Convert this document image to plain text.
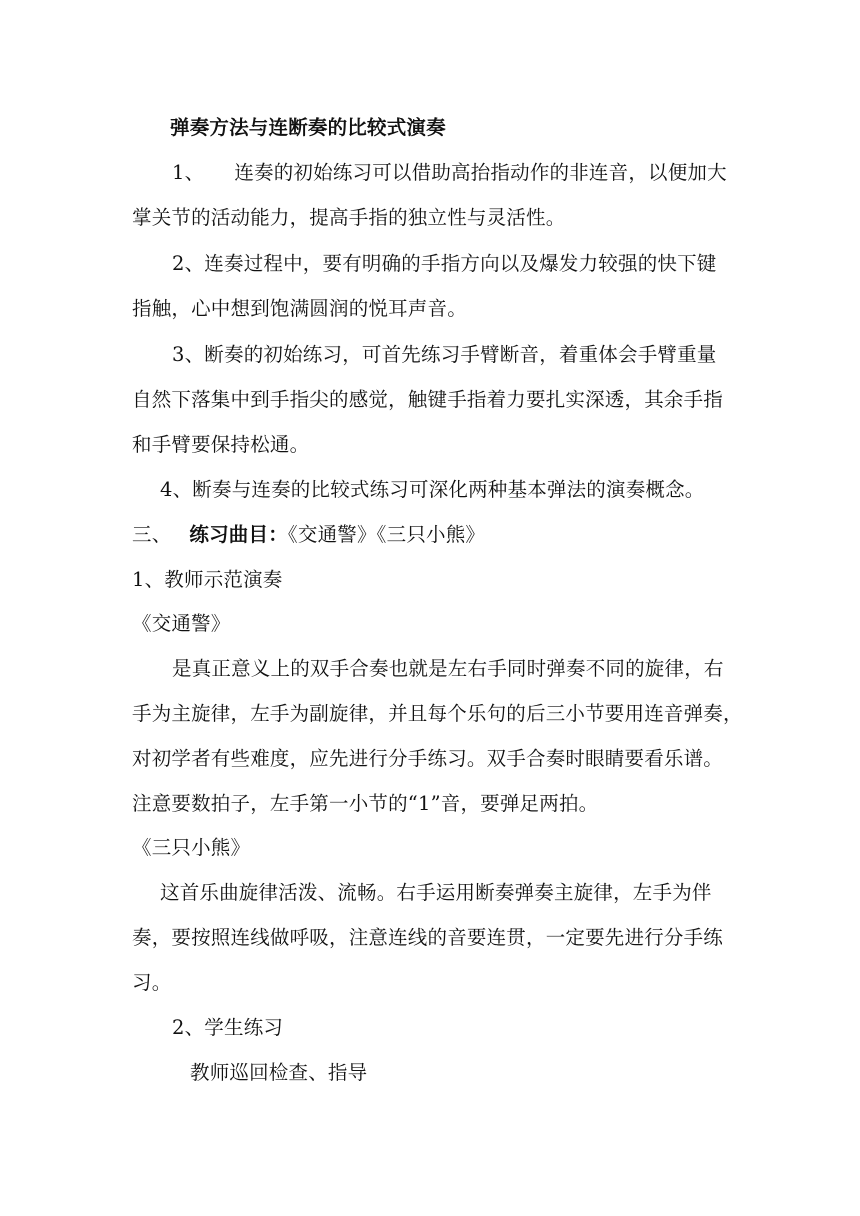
弹奏方法与连断奏的比较式演奏

1、 连奏的初始练习可以借助高抬指动作的非连音，以便加大

掌关节的活动能力，提高手指的独立性与灵活性。

2、连奏过程中，要有明确的手指方向以及爆发力较强的快下键

指触，心中想到饱满圆润的悦耳声音。

3、断奏的初始练习，可首先练习手臂断音，着重体会手臂重量

自然下落集中到手指尖的感觉，触键手指着力要扎实深透，其余手指

和手臂要保持松通。

4、断奏与连奏的比较式练习可深化两种基本弹法的演奏概念。

三、 练习曲目：《交通警》《三只小熊》

1、教师示范演奏

《交通警》

是真正意义上的双手合奏也就是左右手同时弹奏不同的旋律，右

手为主旋律，左手为副旋律，并且每个乐句的后三小节要用连音弹奏，

对初学者有些难度，应先进行分手练习。双手合奏时眼睛要看乐谱。

注意要数拍子，左手第一小节的“1”音，要弹足两拍。

《三只小熊》

这首乐曲旋律活泼、流畅。右手运用断奏弹奏主旋律，左手为伴

奏，要按照连线做呼吸，注意连线的音要连贯，一定要先进行分手练

习。

2、学生练习

教师巡回检查、指导
